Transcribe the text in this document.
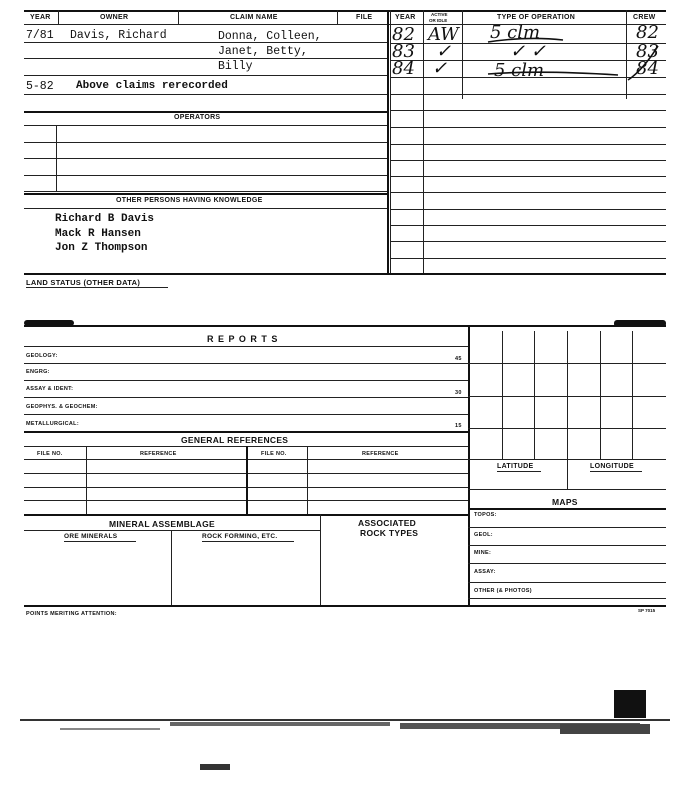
YEAR	OWNER	CLAIM NAME	FILE	YEAR	ACTIVE
OR IDLE	TYPE OF OPERATION	CREW
7/81 Davis, Richard	Donna, Colleen,
Janet, Betty,
Billy
5-82 Above claims rerecorded
82 AW 5 clm	82
83 ✓	✓ ✓	83
84 ✓	5 clm	84
OPERATORS
OTHER PERSONS HAVING KNOWLEDGE
Richard B Davis
Mack R Hansen
Jon Z Thompson
LAND STATUS (OTHER DATA)
R E P O R T S
GEOLOGY:
ENGRG:
ASSAY & IDENT:
GEOPHYS. & GEOCHEM:
METALLURGICAL:
45
30
15
GENERAL REFERENCES
FILE NO.	REFERENCE	FILE NO.	REFERENCE
LATITUDE	LONGITUDE
MAPS
TOPOS:
GEOL:
MINE:
ASSAY:
OTHER (& PHOTOS)
MINERAL ASSEMBLAGE	ASSOCIATED
ROCK TYPES
ORE MINERALS	ROCK FORMING, ETC.
POINTS MERITING ATTENTION:
SP 7015
